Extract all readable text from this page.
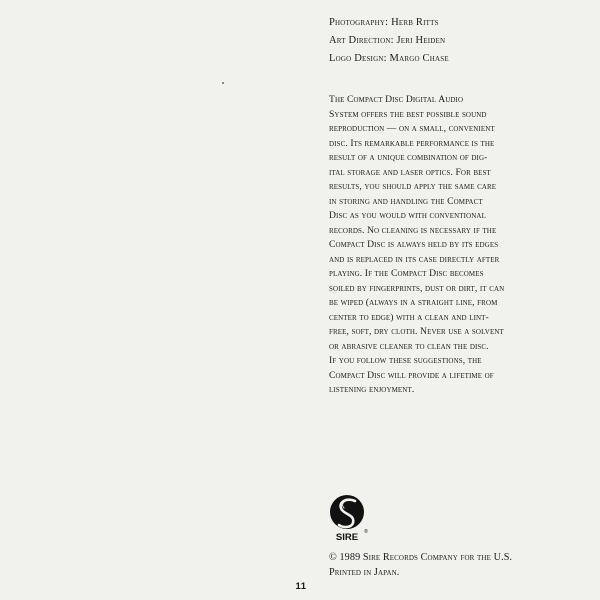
Photography: Herb Ritts
Art Direction: Jeri Heiden
Logo Design: Margo Chase
The Compact Disc Digital Audio
System offers the best possible sound
reproduction — on a small, convenient
disc. Its remarkable performance is the
result of a unique combination of dig-
ital storage and laser optics. For best
results, you should apply the same care
in storing and handling the Compact
Disc as you would with conventional
records. No cleaning is necessary if the
Compact Disc is always held by its edges
and is replaced in its case directly after
playing. If the Compact Disc becomes
soiled by fingerprints, dust or dirt, it can
be wiped (always in a straight line, from
center to edge) with a clean and lint-
free, soft, dry cloth. Never use a solvent
or abrasive cleaner to clean the disc.
If you follow these suggestions, the
Compact Disc will provide a lifetime of
listening enjoyment.
SIRE ®
© 1989 Sire Records Company for the U.S.
Printed in Japan.
11
